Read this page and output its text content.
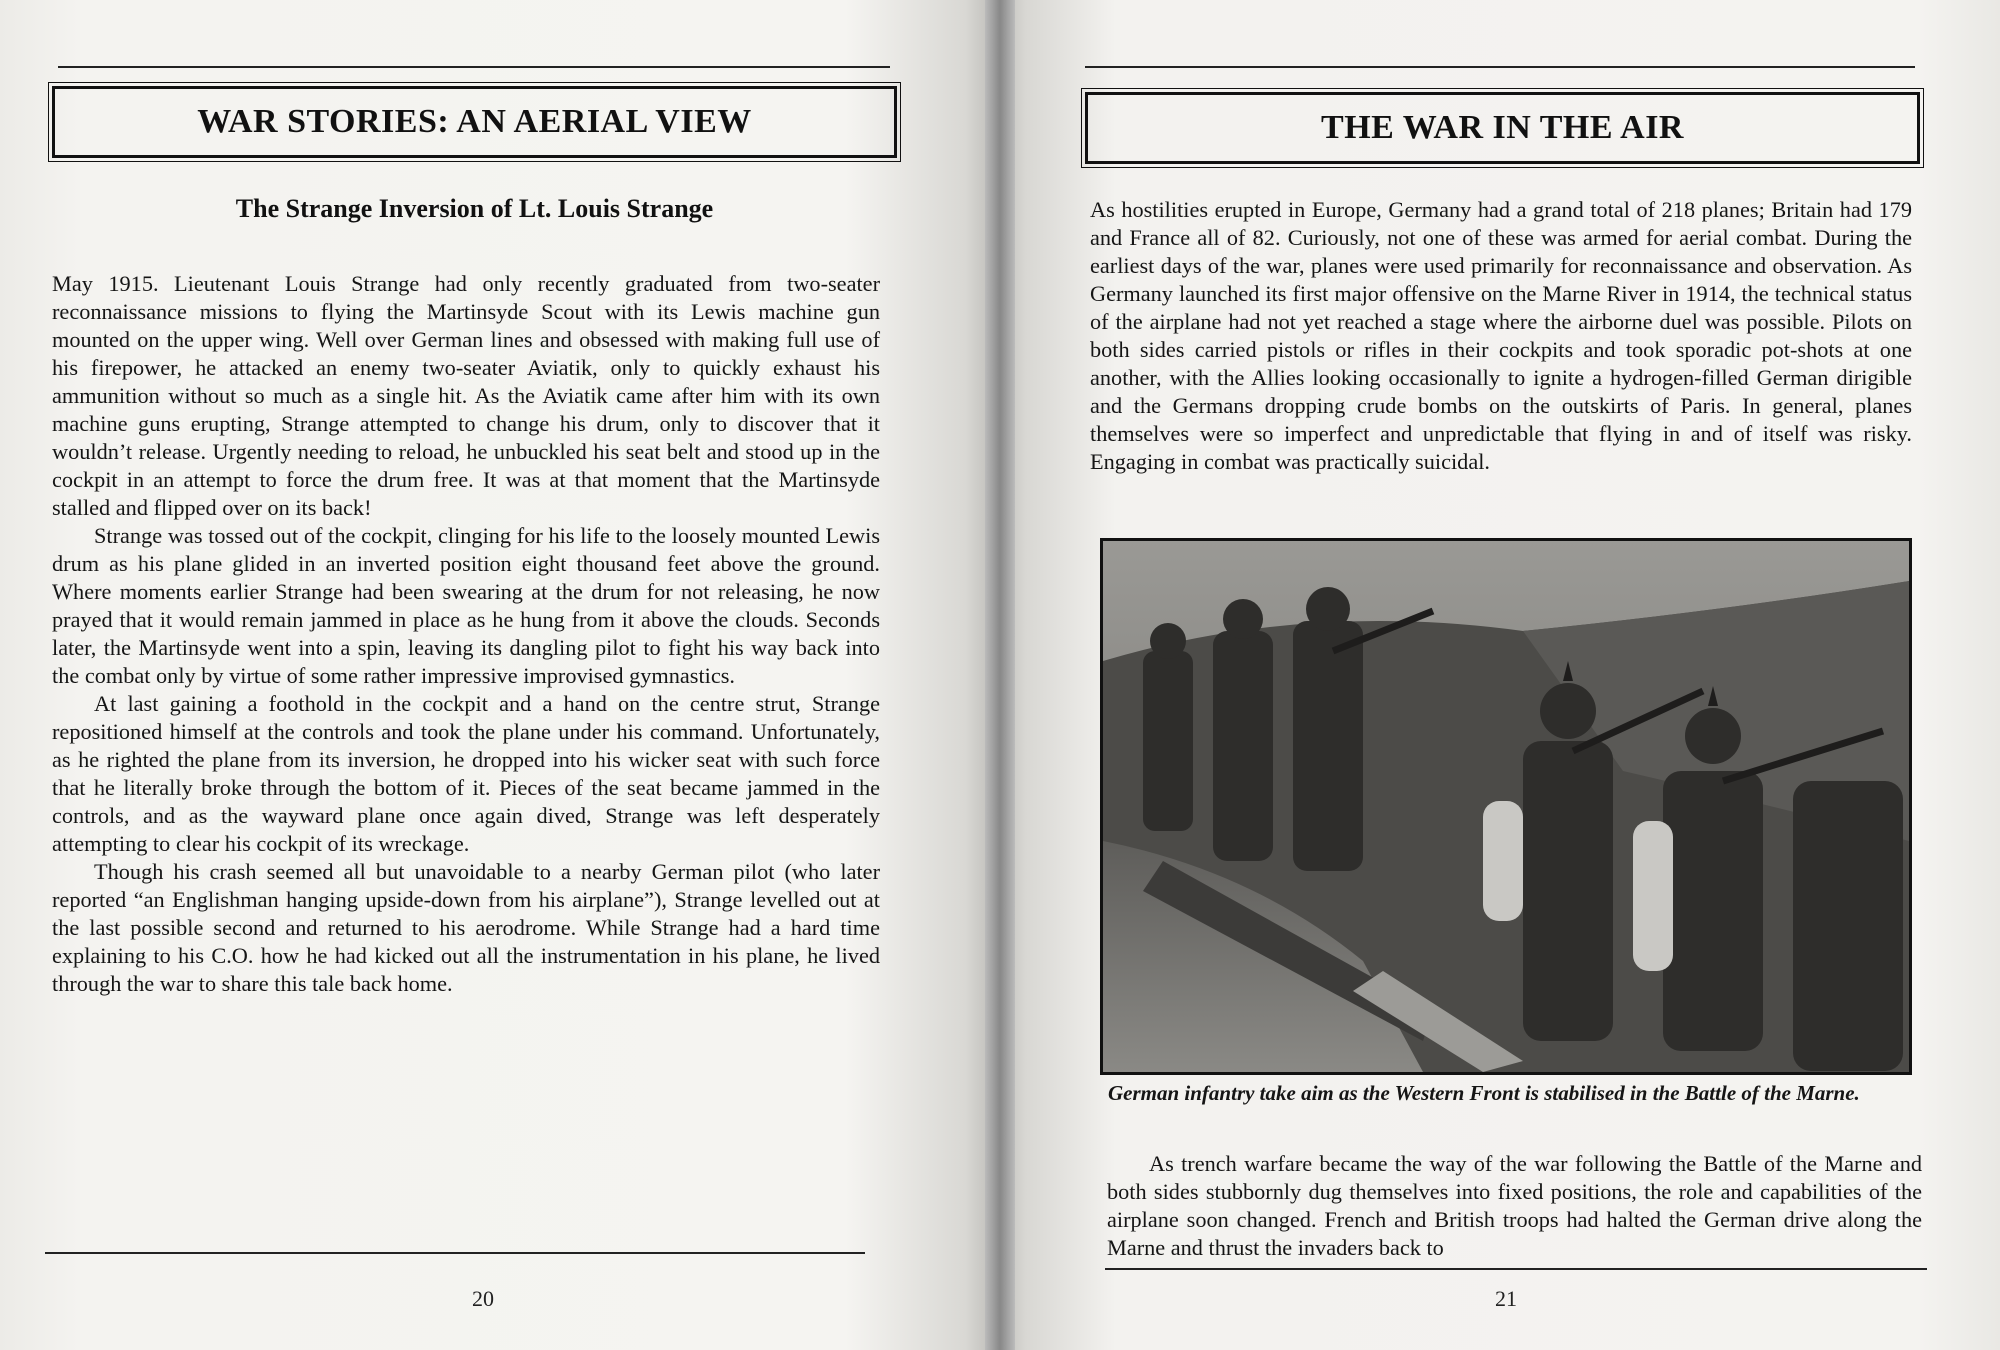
WAR STORIES: AN AERIAL VIEW
The Strange Inversion of Lt. Louis Strange

May 1915. Lieutenant Louis Strange had only recently graduated from two-seater reconnaissance missions to flying the Martinsyde Scout with its Lewis machine gun mounted on the upper wing. Well over German lines and obsessed with making full use of his firepower, he attacked an enemy two-seater Aviatik, only to quickly exhaust his ammunition without so much as a single hit. As the Aviatik came after him with its own machine guns erupting, Strange attempted to change his drum, only to discover that it wouldn’t release. Urgently needing to reload, he unbuckled his seat belt and stood up in the cockpit in an attempt to force the drum free. It was at that moment that the Martinsyde stalled and flipped over on its back!

Strange was tossed out of the cockpit, clinging for his life to the loosely mounted Lewis drum as his plane glided in an inverted position eight thousand feet above the ground. Where moments earlier Strange had been swearing at the drum for not releasing, he now prayed that it would remain jammed in place as he hung from it above the clouds. Seconds later, the Martinsyde went into a spin, leaving its dangling pilot to fight his way back into the combat only by virtue of some rather impressive improvised gymnastics.

At last gaining a foothold in the cockpit and a hand on the centre strut, Strange repositioned himself at the controls and took the plane under his command. Unfortunately, as he righted the plane from its inversion, he dropped into his wicker seat with such force that he literally broke through the bottom of it. Pieces of the seat became jammed in the controls, and as the wayward plane once again dived, Strange was left desperately attempting to clear his cockpit of its wreckage.

Though his crash seemed all but unavoidable to a nearby German pilot (who later reported “an Englishman hanging upside-down from his airplane”), Strange levelled out at the last possible second and returned to his aerodrome. While Strange had a hard time explaining to his C.O. how he had kicked out all the instrumentation in his plane, he lived through the war to share this tale back home.

20
THE WAR IN THE AIR

As hostilities erupted in Europe, Germany had a grand total of 218 planes; Britain had 179 and France all of 82. Curiously, not one of these was armed for aerial combat. During the earliest days of the war, planes were used primarily for reconnaissance and observation. As Germany launched its first major offensive on the Marne River in 1914, the technical status of the airplane had not yet reached a stage where the airborne duel was possible. Pilots on both sides carried pistols or rifles in their cockpits and took sporadic pot-shots at one another, with the Allies looking occasionally to ignite a hydrogen-filled German dirigible and the Germans dropping crude bombs on the outskirts of Paris. In general, planes themselves were so imperfect and unpredictable that flying in and of itself was risky. Engaging in combat was practically suicidal.

German infantry take aim as the Western Front is stabilised in the Battle of the Marne.

As trench warfare became the way of the war following the Battle of the Marne and both sides stubbornly dug themselves into fixed positions, the role and capabilities of the airplane soon changed. French and British troops had halted the German drive along the Marne and thrust the invaders back to

21
